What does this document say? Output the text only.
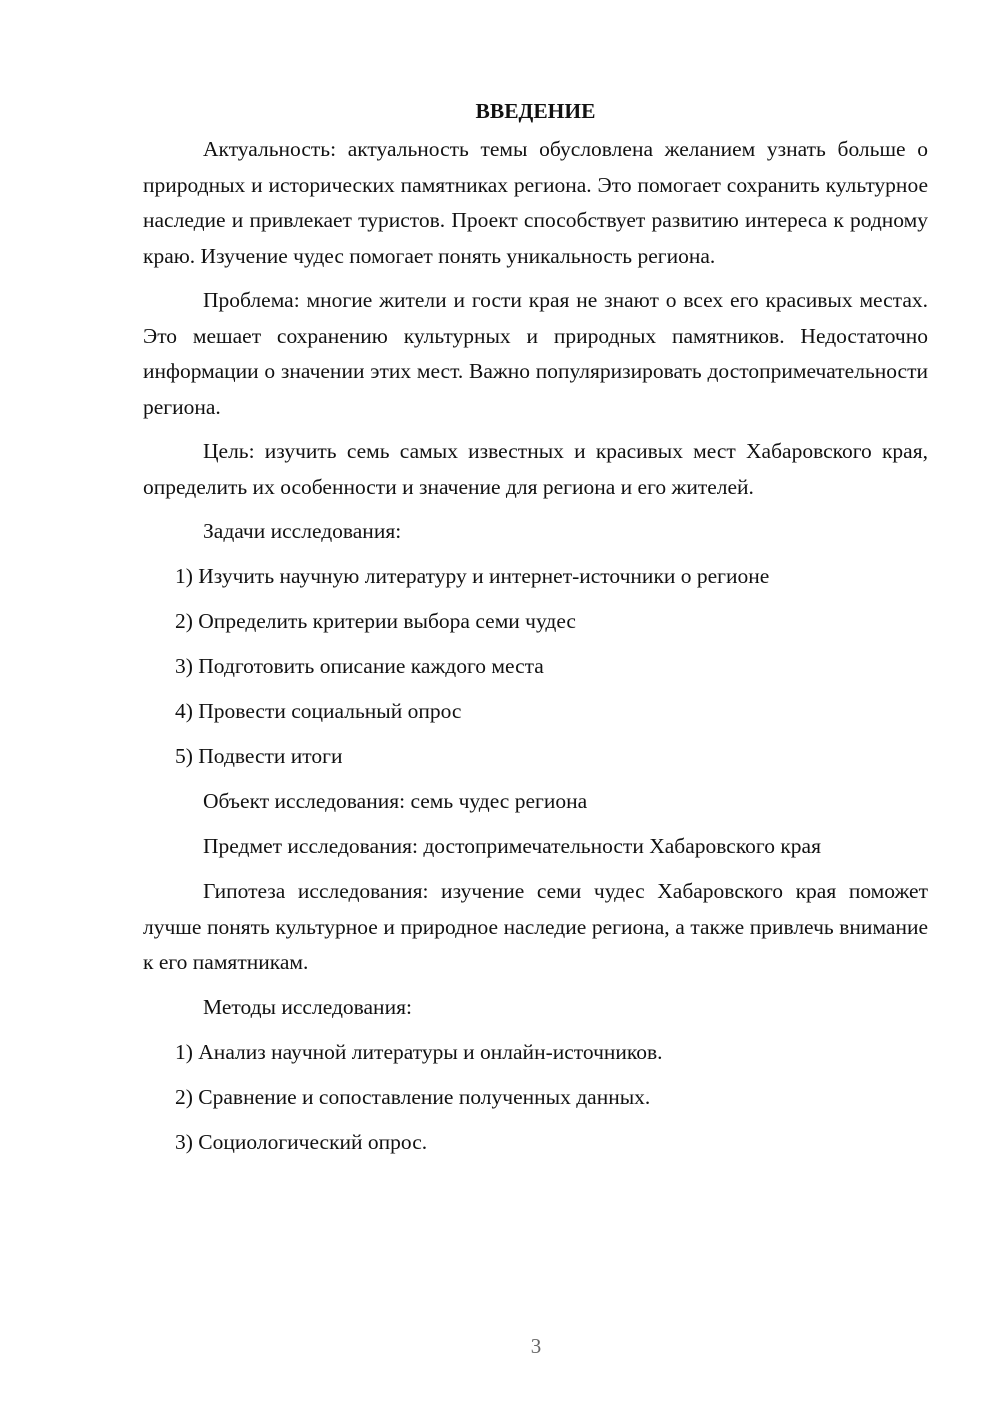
ВВЕДЕНИЕ
Актуальность: актуальность темы обусловлена желанием узнать больше о природных и исторических памятниках региона. Это помогает сохранить культурное наследие и привлекает туристов. Проект способствует развитию интереса к родному краю. Изучение чудес помогает понять уникальность региона.
Проблема: многие жители и гости края не знают о всех его красивых местах. Это мешает сохранению культурных и природных памятников. Недостаточно информации о значении этих мест. Важно популяризировать достопримечательности региона.
Цель: изучить семь самых известных и красивых мест Хабаровского края, определить их особенности и значение для региона и его жителей.
Задачи исследования:
1) Изучить научную литературу и интернет-источники о регионе
2) Определить критерии выбора семи чудес
3) Подготовить описание каждого места
4) Провести социальный опрос
5) Подвести итоги
Объект исследования: семь чудес региона
Предмет исследования: достопримечательности Хабаровского края
Гипотеза исследования: изучение семи чудес Хабаровского края поможет лучше понять культурное и природное наследие региона, а также привлечь внимание к его памятникам.
Методы исследования:
1) Анализ научной литературы и онлайн-источников.
2) Сравнение и сопоставление полученных данных.
3) Социологический опрос.
3
